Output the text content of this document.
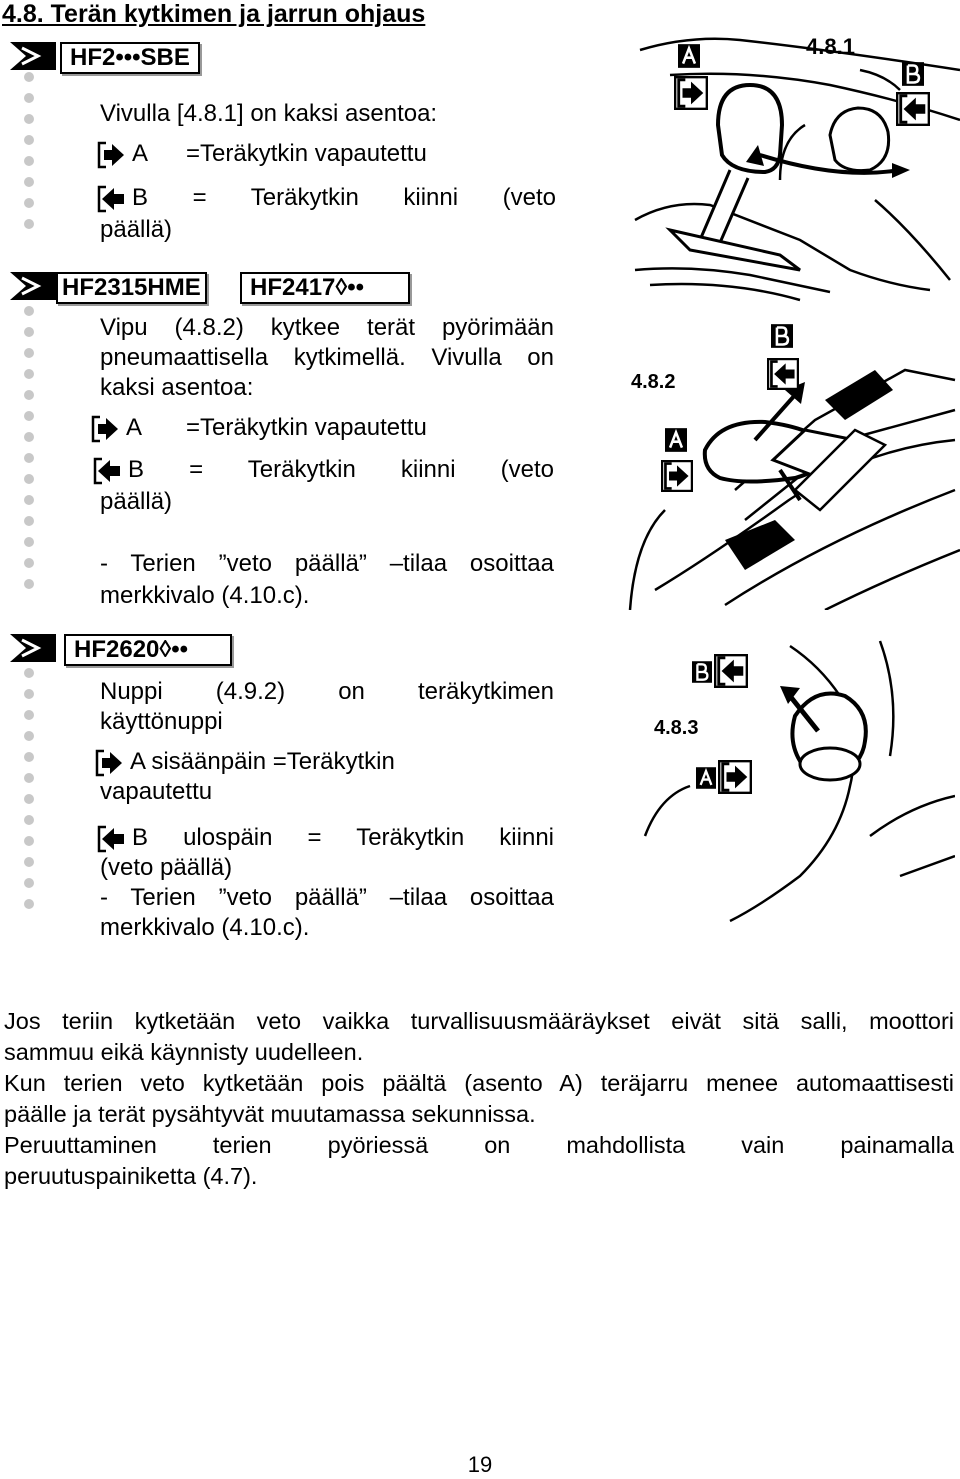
4.8. Terän kytkimen ja jarrun ohjaus
HF2•••SBE
Vivulla [4.8.1] on kaksi asentoa:
A =Teräkytkin vapautettu
B = Teräkytkin kiinni (veto
päällä)
HF2315HME	HF2417◊••
Vipu (4.8.2) kytkee terät pyörimään
pneumaattisella kytkimellä. Vivulla on
kaksi asentoa:
A =Teräkytkin vapautettu
B = Teräkytkin kiinni (veto
päällä)
- Terien ”veto päällä” –tilaa osoittaa
merkkivalo (4.10.c).
HF2620◊••
Nuppi (4.9.2) on teräkytkimen
käyttönuppi
A sisäänpäin =Teräkytkin
vapautettu
B ulospäin = Teräkytkin kiinni
(veto päällä)
- Terien ”veto päällä” –tilaa osoittaa
merkkivalo (4.10.c).
4.8.1
4.8.2
4.8.3

Jos teriin kytketään veto vaikka turvallisuusmääräykset eivät sitä salli, moottori

sammuu eikä käynnisty uudelleen.

Kun terien veto kytketään pois päältä (asento A) teräjarru menee automaattisesti

päälle ja terät pysähtyvät muutamassa sekunnissa.

Peruuttaminen terien pyöriessä on mahdollista vain painamalla

peruutuspainiketta (4.7).

19
